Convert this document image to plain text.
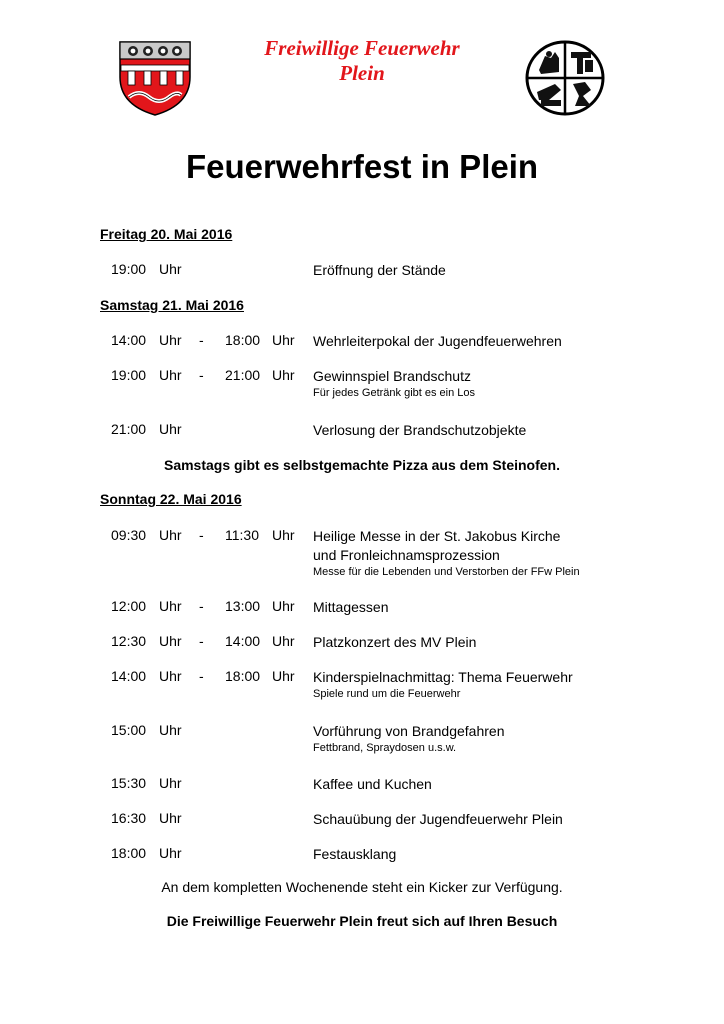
Freiwillige Feuerwehr
Plein
Feuerwehrfest in Plein
Freitag 20. Mai 2016
19:00 Uhr	Eröffnung der Stände
Samstag 21. Mai 2016
14:00 Uhr - 18:00 Uhr Wehrleiterpokal der Jugendfeuerwehren
19:00 Uhr - 21:00 Uhr Gewinnspiel Brandschutz
Für jedes Getränk gibt es ein Los
21:00 Uhr	Verlosung der Brandschutzobjekte
Samstags gibt es selbstgemachte Pizza aus dem Steinofen.
Sonntag 22. Mai 2016
09:30 Uhr - 11:30 Uhr Heilige Messe in der St. Jakobus Kirche
und Fronleichnamsprozession
Messe für die Lebenden und Verstorben der FFw Plein
12:00 Uhr - 13:00 Uhr Mittagessen
12:30 Uhr - 14:00 Uhr Platzkonzert des MV Plein
14:00 Uhr - 18:00 Uhr Kinderspielnachmittag: Thema Feuerwehr
Spiele rund um die Feuerwehr
15:00 Uhr	Vorführung von Brandgefahren
Fettbrand, Spraydosen u.s.w.
15:30 Uhr	Kaffee und Kuchen
16:30 Uhr	Schauübung der Jugendfeuerwehr Plein
18:00 Uhr	Festausklang
An dem kompletten Wochenende steht ein Kicker zur Verfügung.
Die Freiwillige Feuerwehr Plein freut sich auf Ihren Besuch
